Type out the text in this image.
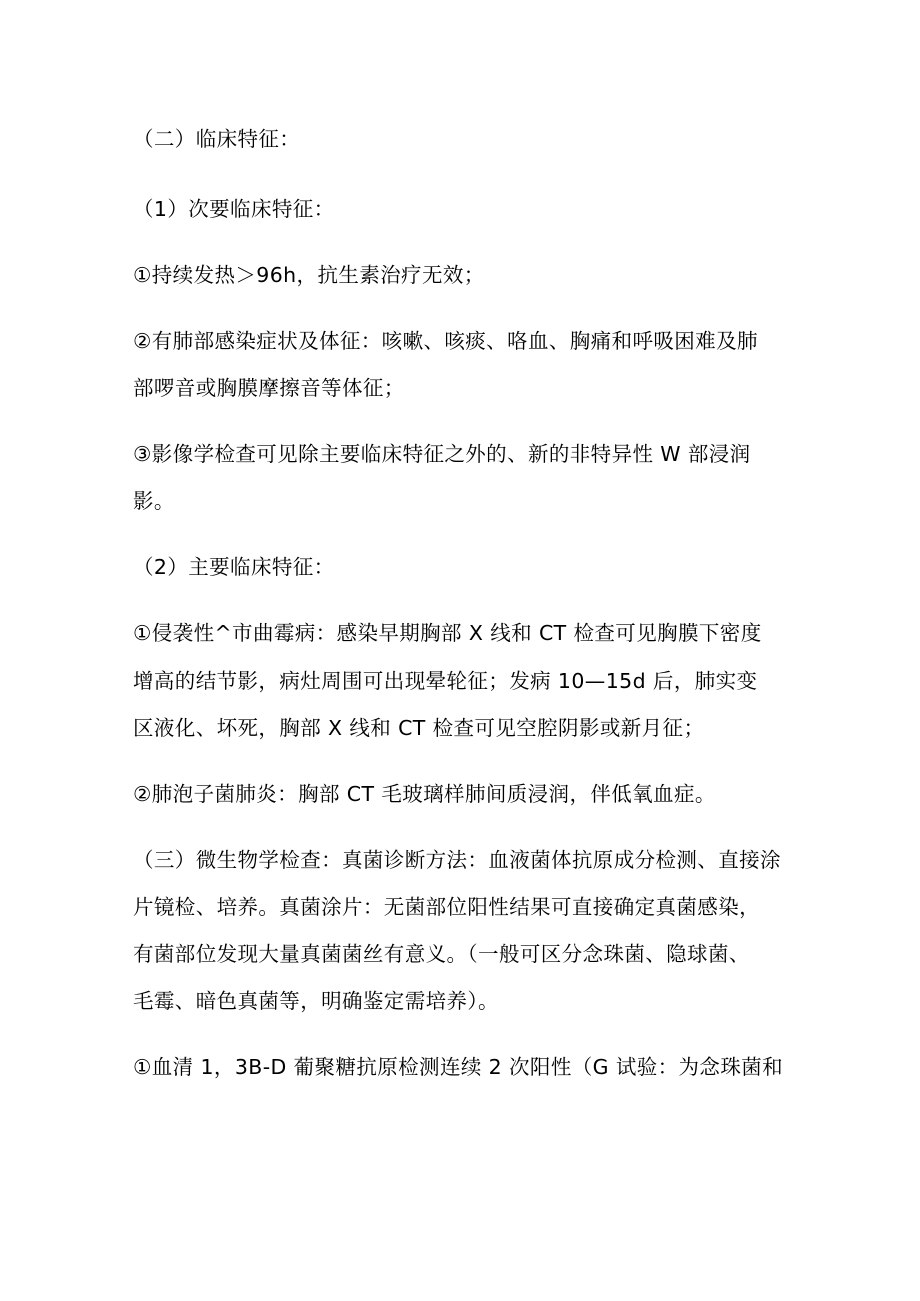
（二）临床特征：
（1）次要临床特征：
①持续发热＞96h，抗生素治疗无效；
②有肺部感染症状及体征：咳嗽、咳痰、咯血、胸痛和呼吸困难及肺
部啰音或胸膜摩擦音等体征；
③影像学检查可见除主要临床特征之外的、新的非特异性 W 部浸润
影。
（2）主要临床特征：
①侵袭性^市曲霉病：感染早期胸部 X 线和 CT 检查可见胸膜下密度
增高的结节影，病灶周围可出现晕轮征；发病 10—15d 后，肺实变
区液化、坏死，胸部 X 线和 CT 检查可见空腔阴影或新月征；
②肺泡子菌肺炎：胸部 CT 毛玻璃样肺间质浸润，伴低氧血症。
（三）微生物学检查：真菌诊断方法：血液菌体抗原成分检测、直接涂
片镜检、培养。真菌涂片：无菌部位阳性结果可直接确定真菌感染，
有菌部位发现大量真菌菌丝有意义。（一般可区分念珠菌、隐球菌、
毛霉、暗色真菌等，明确鉴定需培养）。
①血清 1，3B-D 葡聚糖抗原检测连续 2 次阳性（G 试验：为念珠菌和
